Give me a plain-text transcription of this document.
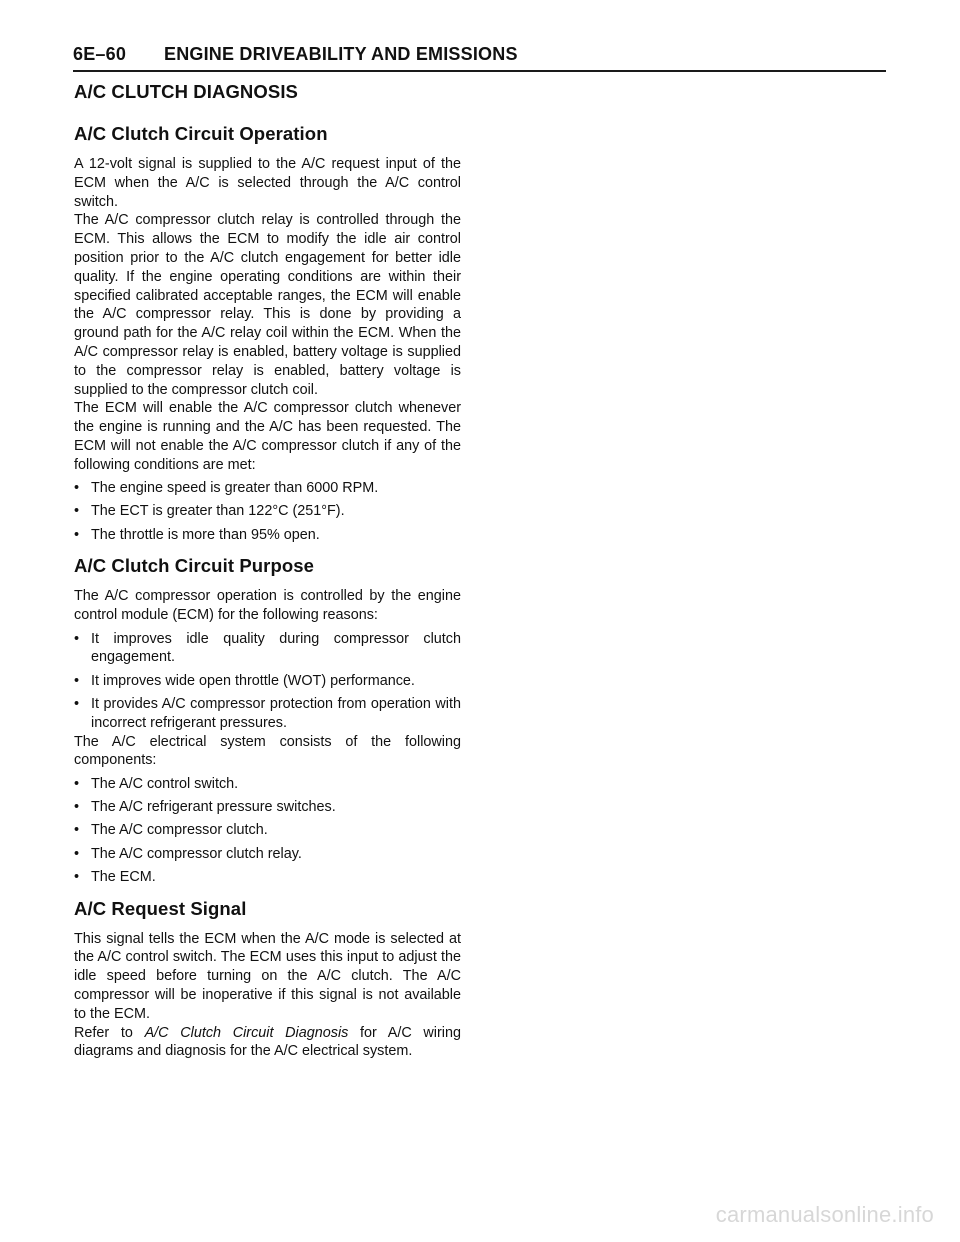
6E–60 ENGINE DRIVEABILITY AND EMISSIONS
A/C CLUTCH DIAGNOSIS
A/C Clutch Circuit Operation

A 12-volt signal is supplied to the A/C request input of the ECM when the A/C is selected through the A/C control switch.

The A/C compressor clutch relay is controlled through the ECM. This allows the ECM to modify the idle air control position prior to the A/C clutch engagement for better idle quality. If the engine operating conditions are within their specified calibrated acceptable ranges, the ECM will enable the A/C compressor relay. This is done by providing a ground path for the A/C relay coil within the ECM. When the A/C compressor relay is enabled, battery voltage is supplied to the compressor relay is enabled, battery voltage is supplied to the compressor clutch coil.

The ECM will enable the A/C compressor clutch whenever the engine is running and the A/C has been requested. The ECM will not enable the A/C compressor clutch if any of the following conditions are met:

• The engine speed is greater than 6000 RPM.
• The ECT is greater than 122°C (251°F).
• The throttle is more than 95% open.
A/C Clutch Circuit Purpose

The A/C compressor operation is controlled by the engine control module (ECM) for the following reasons:

• It improves idle quality during compressor clutch engagement.
• It improves wide open throttle (WOT) performance.
• It provides A/C compressor protection from operation with incorrect refrigerant pressures.

The A/C electrical system consists of the following components:

• The A/C control switch.
• The A/C refrigerant pressure switches.
• The A/C compressor clutch.
• The A/C compressor clutch relay.
• The ECM.
A/C Request Signal

This signal tells the ECM when the A/C mode is selected at the A/C control switch. The ECM uses this input to adjust the idle speed before turning on the A/C clutch. The A/C compressor will be inoperative if this signal is not available to the ECM.

Refer to A/C Clutch Circuit Diagnosis for A/C wiring diagrams and diagnosis for the A/C electrical system.

carmanualsonline.info
